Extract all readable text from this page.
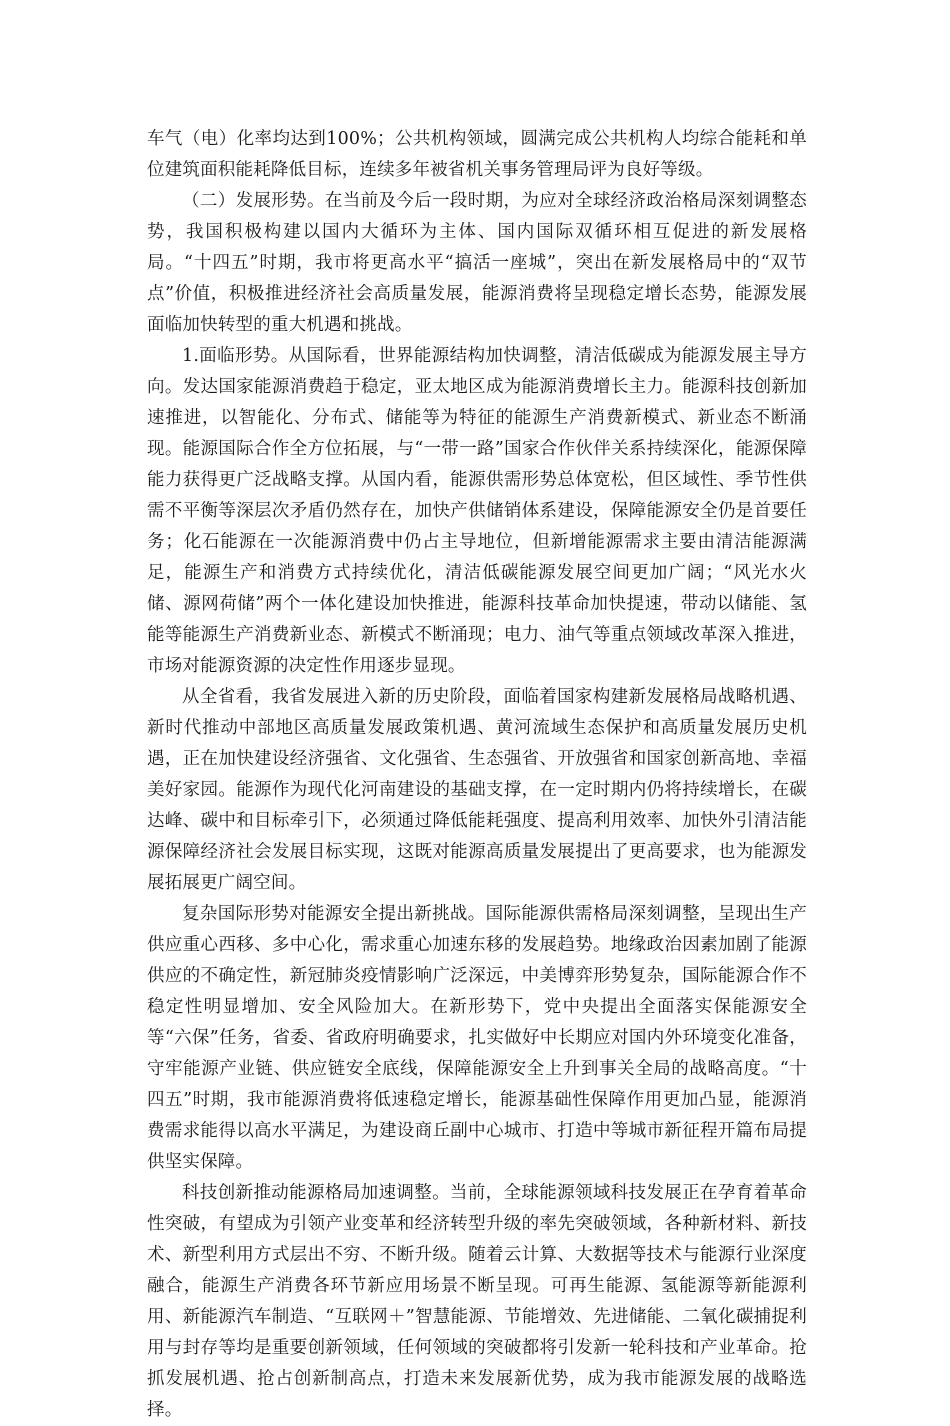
车气（电）化率均达到100%；公共机构领域，圆满完成公共机构人均综合能耗和单位建筑面积能耗降低目标，连续多年被省机关事务管理局评为良好等级。

（二）发展形势。在当前及今后一段时期，为应对全球经济政治格局深刻调整态势，我国积极构建以国内大循环为主体、国内国际双循环相互促进的新发展格局。“十四五”时期，我市将更高水平“搞活一座城”，突出在新发展格局中的“双节点”价值，积极推进经济社会高质量发展，能源消费将呈现稳定增长态势，能源发展面临加快转型的重大机遇和挑战。

1.面临形势。从国际看，世界能源结构加快调整，清洁低碳成为能源发展主导方向。发达国家能源消费趋于稳定，亚太地区成为能源消费增长主力。能源科技创新加速推进，以智能化、分布式、储能等为特征的能源生产消费新模式、新业态不断涌现。能源国际合作全方位拓展，与“一带一路”国家合作伙伴关系持续深化，能源保障能力获得更广泛战略支撑。从国内看，能源供需形势总体宽松，但区域性、季节性供需不平衡等深层次矛盾仍然存在，加快产供储销体系建设，保障能源安全仍是首要任务；化石能源在一次能源消费中仍占主导地位，但新增能源需求主要由清洁能源满足，能源生产和消费方式持续优化，清洁低碳能源发展空间更加广阔；“风光水火储、源网荷储”两个一体化建设加快推进，能源科技革命加快提速，带动以储能、氢能等能源生产消费新业态、新模式不断涌现；电力、油气等重点领域改革深入推进，市场对能源资源的决定性作用逐步显现。

从全省看，我省发展进入新的历史阶段，面临着国家构建新发展格局战略机遇、新时代推动中部地区高质量发展政策机遇、黄河流域生态保护和高质量发展历史机遇，正在加快建设经济强省、文化强省、生态强省、开放强省和国家创新高地、幸福美好家园。能源作为现代化河南建设的基础支撑，在一定时期内仍将持续增长，在碳达峰、碳中和目标牵引下，必须通过降低能耗强度、提高利用效率、加快外引清洁能源保障经济社会发展目标实现，这既对能源高质量发展提出了更高要求，也为能源发展拓展更广阔空间。

复杂国际形势对能源安全提出新挑战。国际能源供需格局深刻调整，呈现出生产供应重心西移、多中心化，需求重心加速东移的发展趋势。地缘政治因素加剧了能源供应的不确定性，新冠肺炎疫情影响广泛深远，中美博弈形势复杂，国际能源合作不稳定性明显增加、安全风险加大。在新形势下，党中央提出全面落实保能源安全等“六保”任务，省委、省政府明确要求，扎实做好中长期应对国内外环境变化准备，守牢能源产业链、供应链安全底线，保障能源安全上升到事关全局的战略高度。“十四五”时期，我市能源消费将低速稳定增长，能源基础性保障作用更加凸显，能源消费需求能得以高水平满足，为建设商丘副中心城市、打造中等城市新征程开篇布局提供坚实保障。

科技创新推动能源格局加速调整。当前，全球能源领域科技发展正在孕育着革命性突破，有望成为引领产业变革和经济转型升级的率先突破领域，各种新材料、新技术、新型利用方式层出不穷、不断升级。随着云计算、大数据等技术与能源行业深度融合，能源生产消费各环节新应用场景不断呈现。可再生能源、氢能源等新能源利用、新能源汽车制造、“互联网＋”智慧能源、节能增效、先进储能、二氧化碳捕捉利用与封存等均是重要创新领域，任何领域的突破都将引发新一轮科技和产业革命。抢抓发展机遇、抢占创新制高点，打造未来发展新优势，成为我市能源发展的战略选择。
